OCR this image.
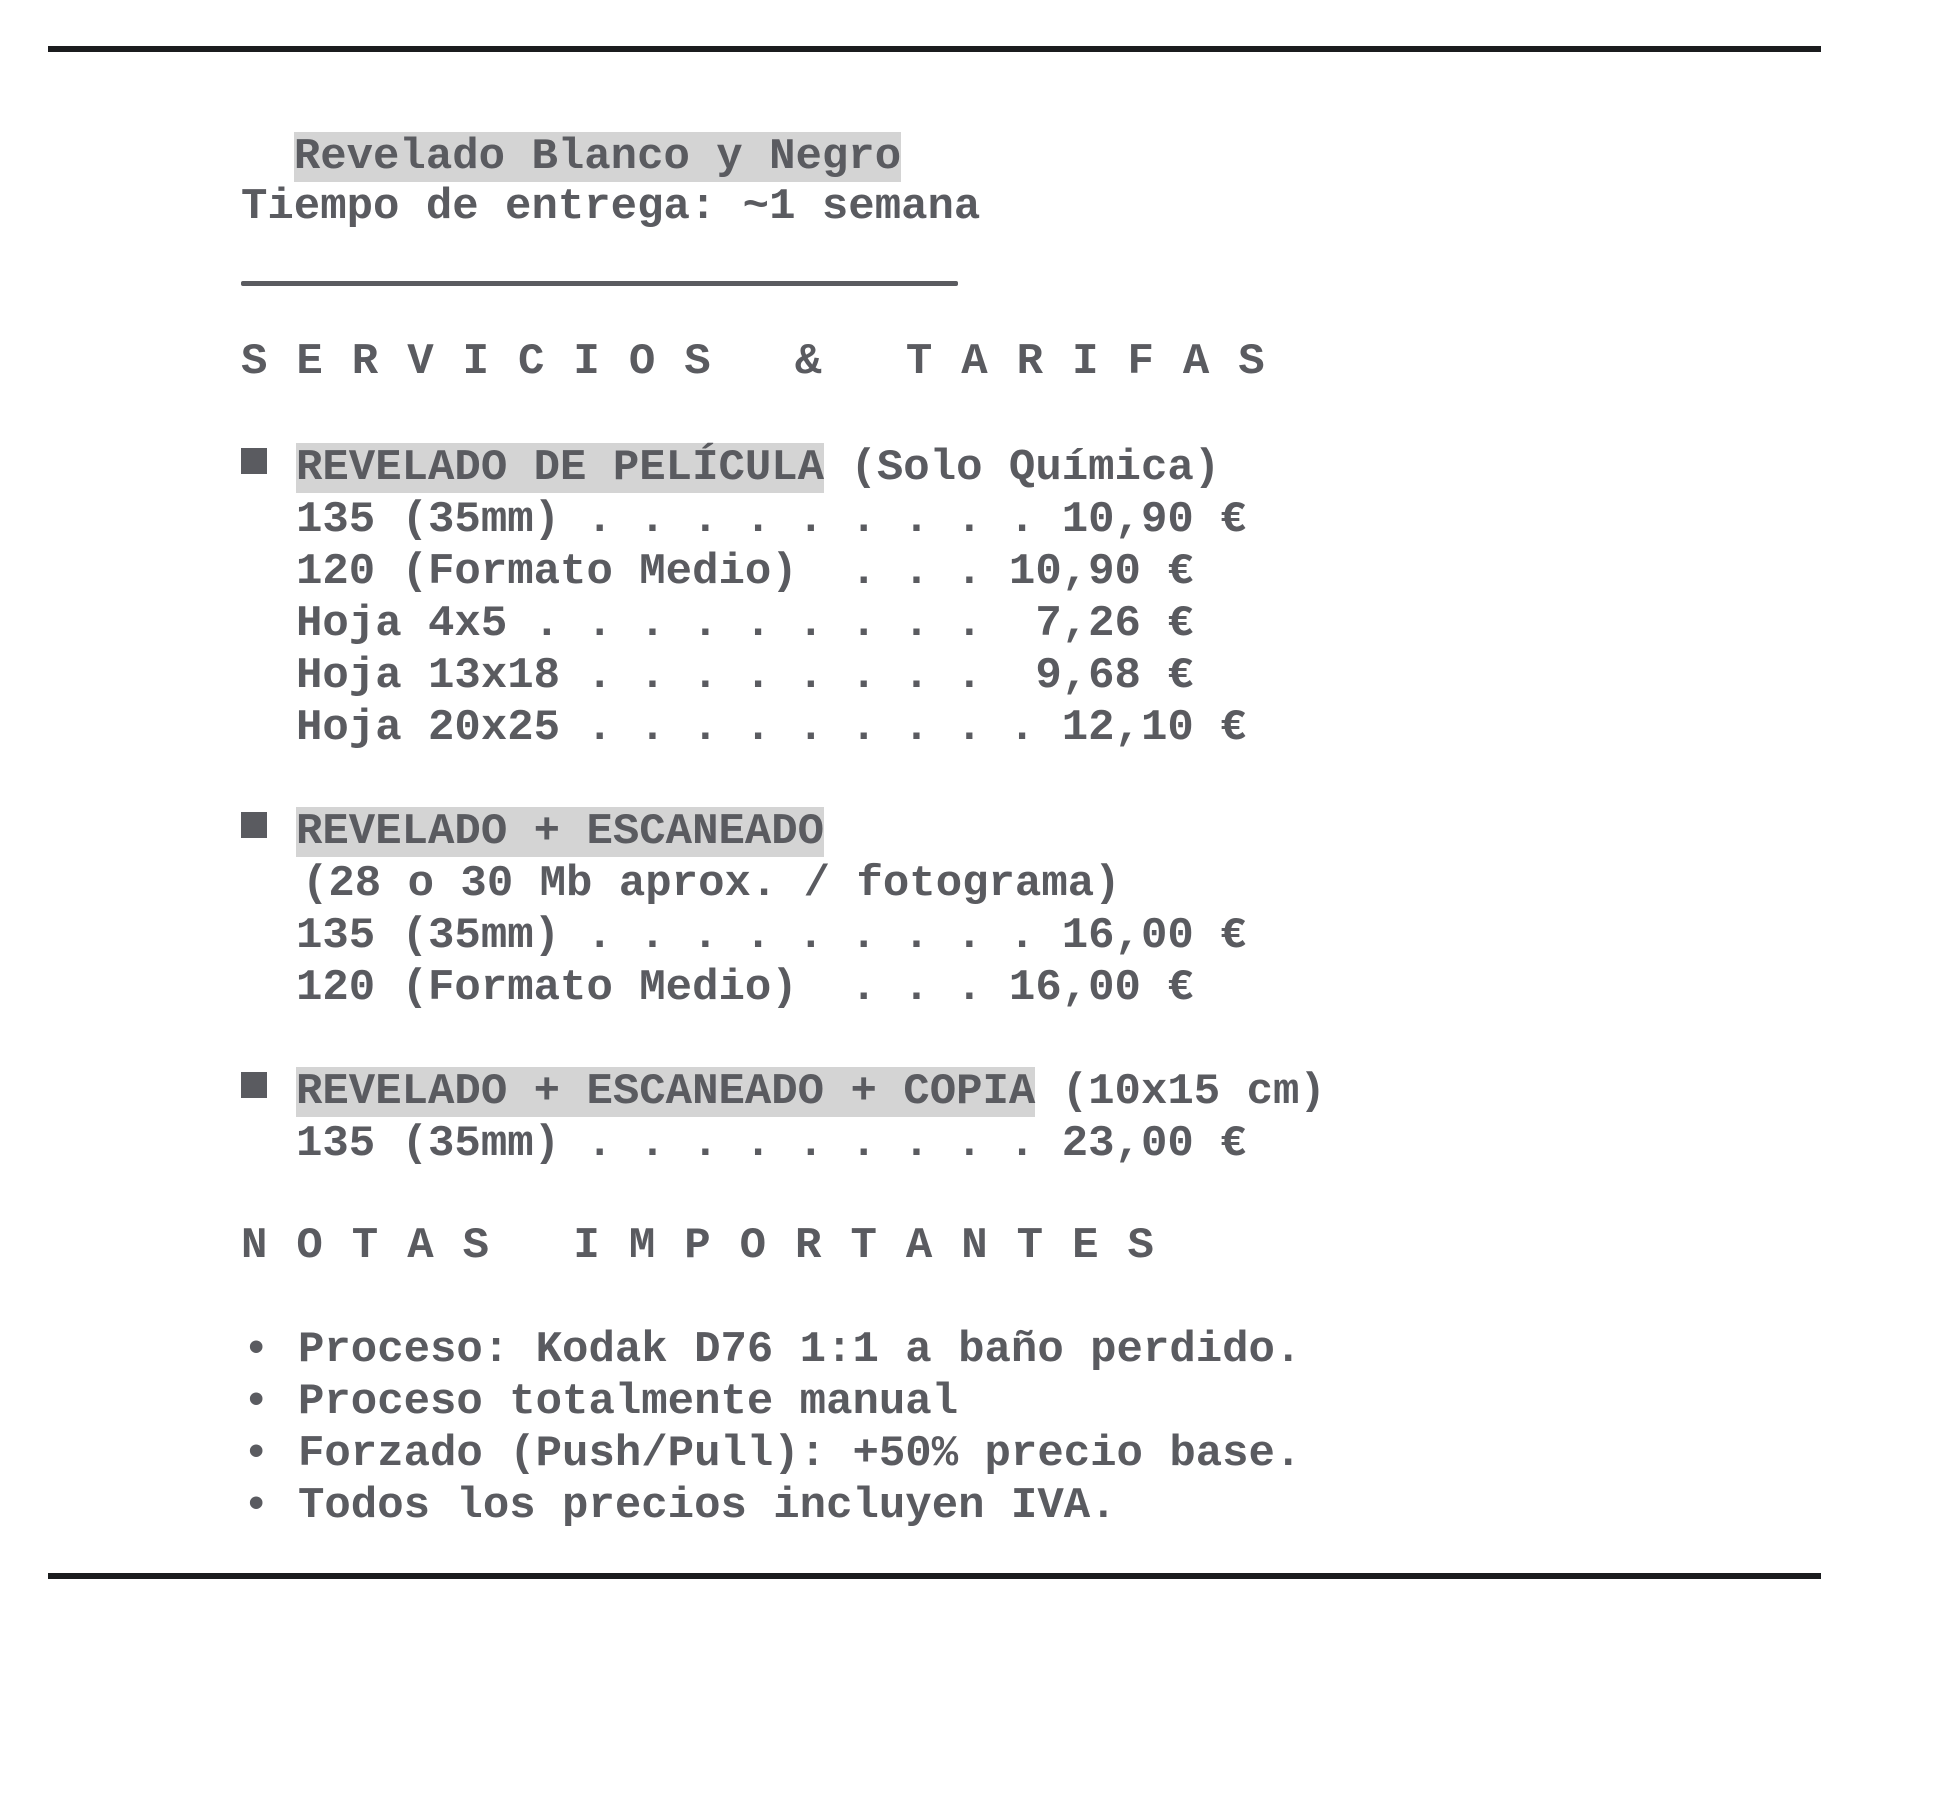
Revelado Blanco y Negro

Tiempo de entrega: ~1 semana
SERVICIOS & TARIFAS
REVELADO DE PELÍCULA (Solo Química)
135 (35mm) . . . . . . . . . 10,90 €
120 (Formato Medio)  . . . 10,90 €
Hoja 4x5 . . . . . . . . .  7,26 €
Hoja 13x18 . . . . . . . .  9,68 €
Hoja 20x25 . . . . . . . . . 12,10 €
REVELADO + ESCANEADO
(28 o 30 Mb aprox. / fotograma)
135 (35mm) . . . . . . . . . 16,00 €
120 (Formato Medio)  . . . 16,00 €
REVELADO + ESCANEADO + COPIA (10x15 cm)
135 (35mm) . . . . . . . . . 23,00 €
NOTAS IMPORTANTES
• Proceso: Kodak D76 1:1 a baño perdido.
• Proceso totalmente manual
• Forzado (Push/Pull): +50% precio base.
• Todos los precios incluyen IVA.
